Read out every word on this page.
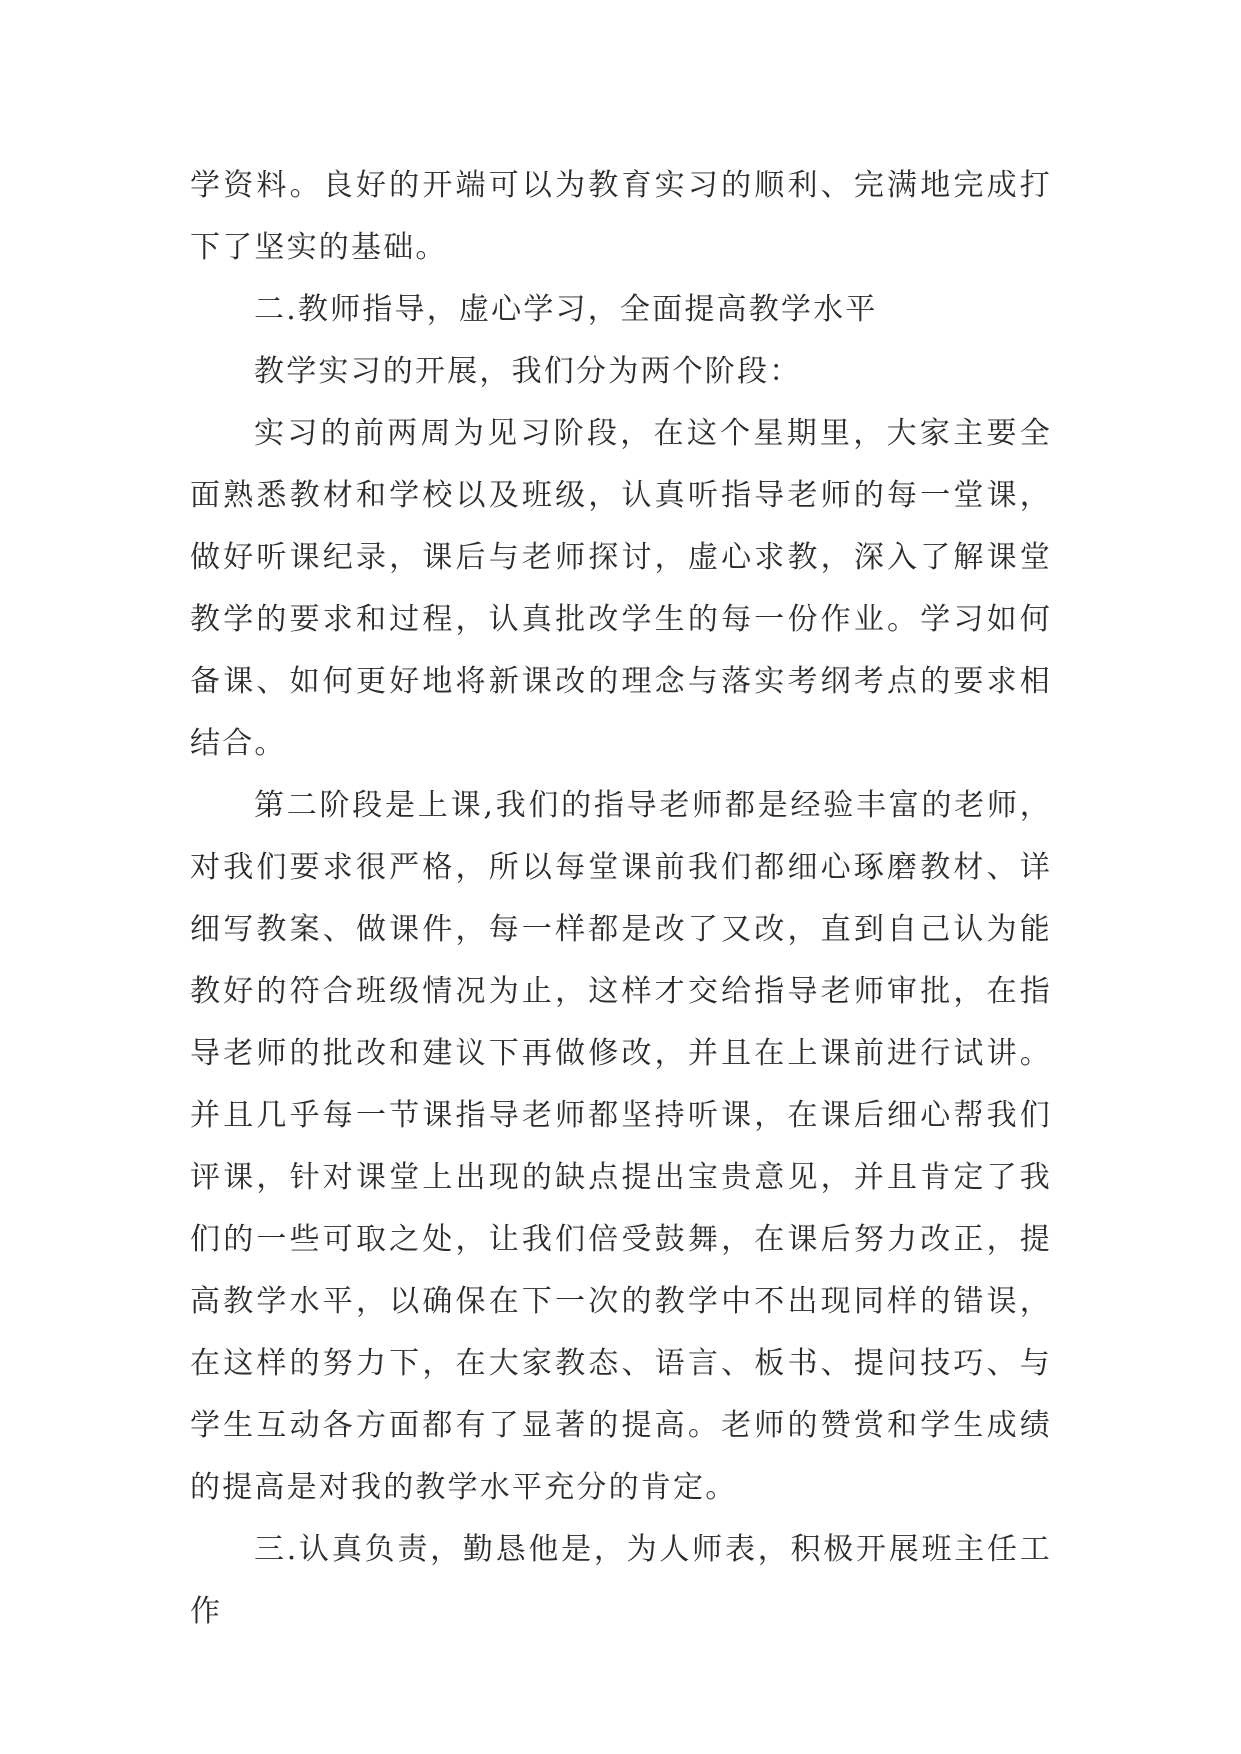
学资料。良好的开端可以为教育实习的顺利、完满地完成打下了坚实的基础。

二.教师指导，虚心学习，全面提高教学水平

教学实习的开展，我们分为两个阶段：

实习的前两周为见习阶段，在这个星期里，大家主要全面熟悉教材和学校以及班级，认真听指导老师的每一堂课，做好听课纪录，课后与老师探讨，虚心求教，深入了解课堂教学的要求和过程，认真批改学生的每一份作业。学习如何备课、如何更好地将新课改的理念与落实考纲考点的要求相结合。

第二阶段是上课,我们的指导老师都是经验丰富的老师，对我们要求很严格，所以每堂课前我们都细心琢磨教材、详细写教案、做课件，每一样都是改了又改，直到自己认为能教好的符合班级情况为止，这样才交给指导老师审批，在指导老师的批改和建议下再做修改，并且在上课前进行试讲。并且几乎每一节课指导老师都坚持听课，在课后细心帮我们评课，针对课堂上出现的缺点提出宝贵意见，并且肯定了我们的一些可取之处，让我们倍受鼓舞，在课后努力改正，提高教学水平，以确保在下一次的教学中不出现同样的错误，在这样的努力下，在大家教态、语言、板书、提问技巧、与学生互动各方面都有了显著的提高。老师的赞赏和学生成绩的提高是对我的教学水平充分的肯定。

三.认真负责，勤恳他是，为人师表，积极开展班主任工作
